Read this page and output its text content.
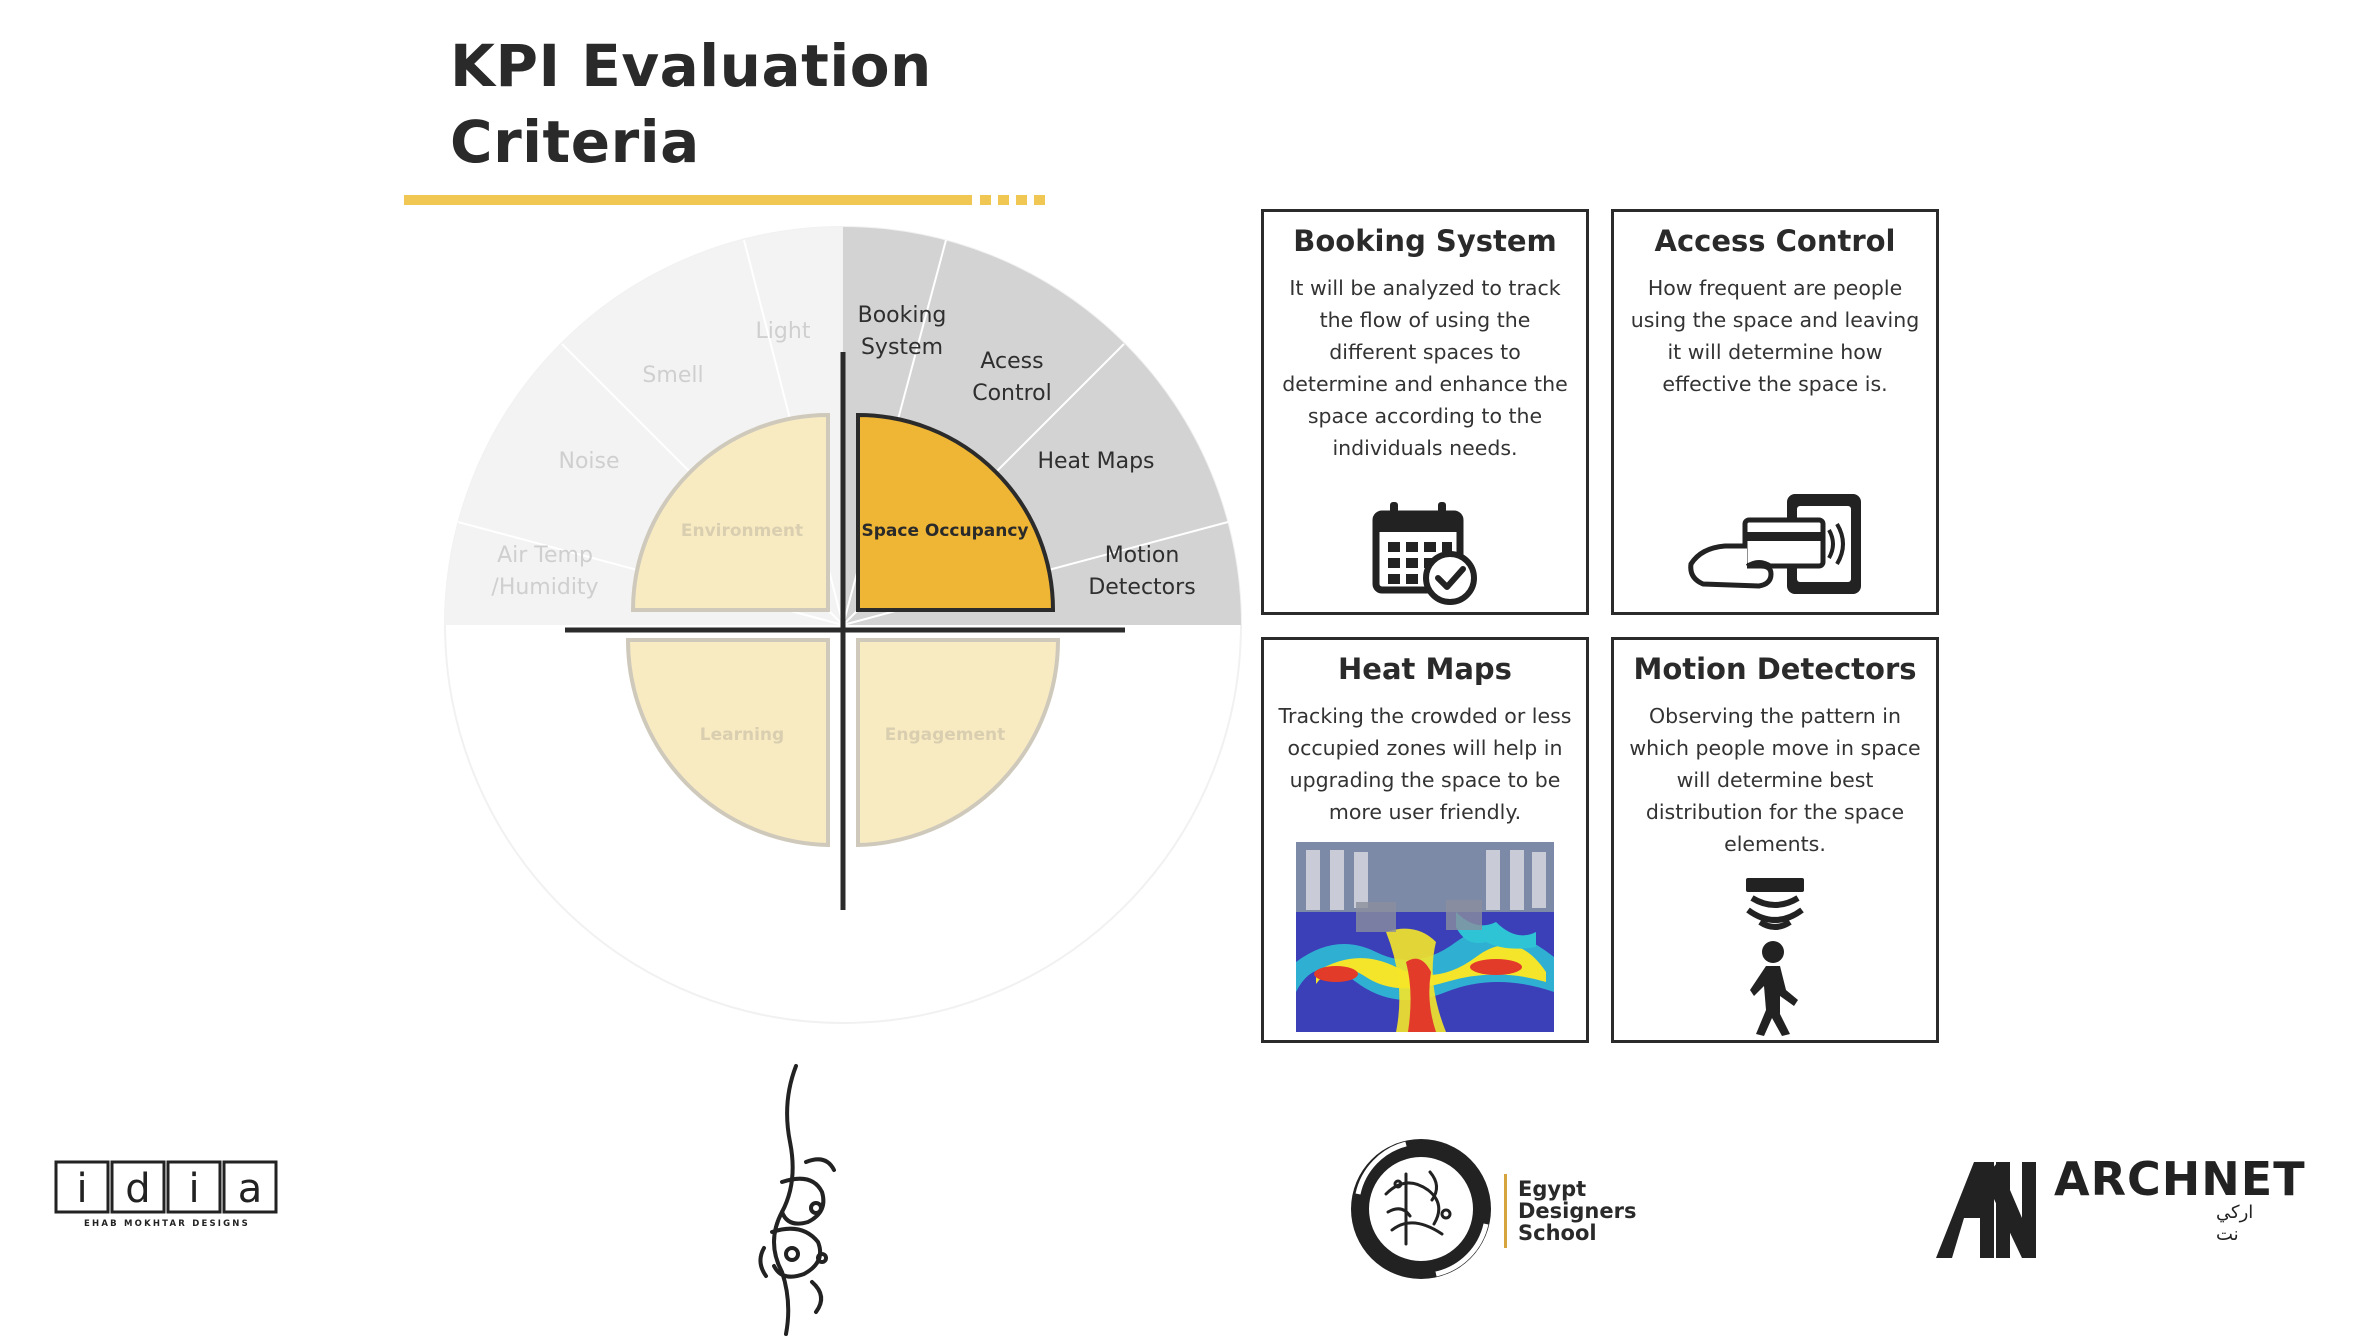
KPI Evaluation
Criteria
Environment	Space Occupancy
Learning	Engagement
Light
Smell
Noise
Air Temp
/Humidity
Booking
System
Acess
Control
Heat Maps
Motion
Detectors
Booking System

It will be analyzed to track the flow of using the different spaces to determine and enhance the space according to the individuals needs.

Access Control

How frequent are people using the space and leaving it will determine how effective the space is.

Heat Maps

Tracking the crowded or less occupied zones will help in upgrading the space to be more user friendly.

Motion Detectors

Observing the pattern in which people move in space will determine best distribution for the space elements.

i d i a
EHAB MOKHTAR DESIGNS
Egypt
Designers
School
ARCHNET
اركي نت
